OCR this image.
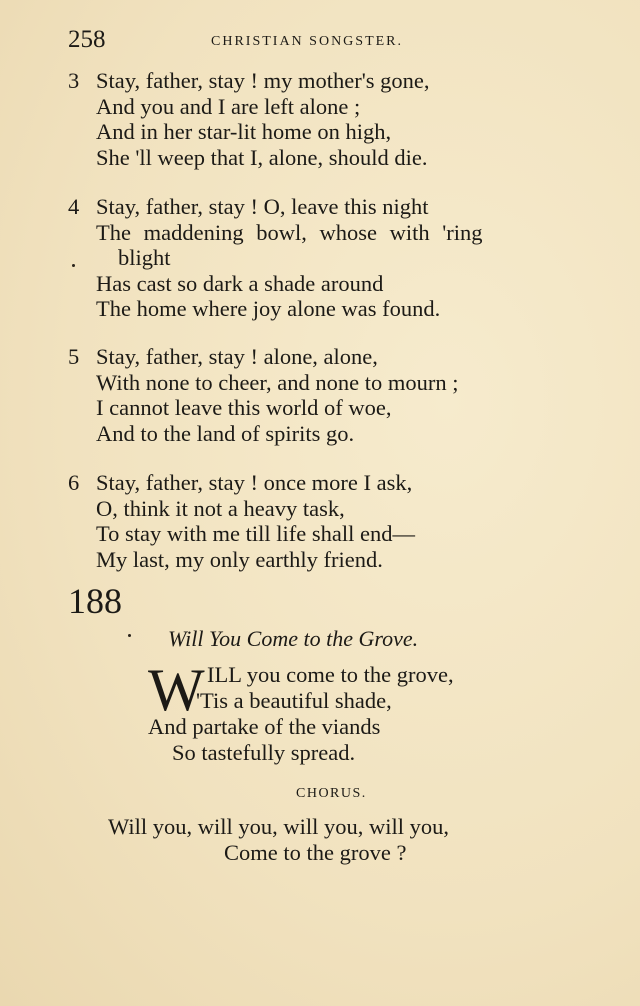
258	CHRISTIAN SONGSTER.
3 Stay, father, stay ! my mother's gone,
And you and I are left alone ;
And in her star-lit home on high,
She 'll weep that I, alone, should die.
4 Stay, father, stay ! O, leave this night
The maddening bowl, whose with 'ring
blight
Has cast so dark a shade around
The home where joy alone was found.
5 Stay, father, stay ! alone, alone,
With none to cheer, and none to mourn ;
I cannot leave this world of woe,
And to the land of spirits go.
6 Stay, father, stay ! once more I ask,
O, think it not a heavy task,
To stay with me till life shall end—
My last, my only earthly friend.
188
Will You Come to the Grove.
W ILL you come to the grove,
'Tis a beautiful shade,
And partake of the viands
So tastefully spread.
CHORUS.
Will you, will you, will you, will you,
Come to the grove ?
